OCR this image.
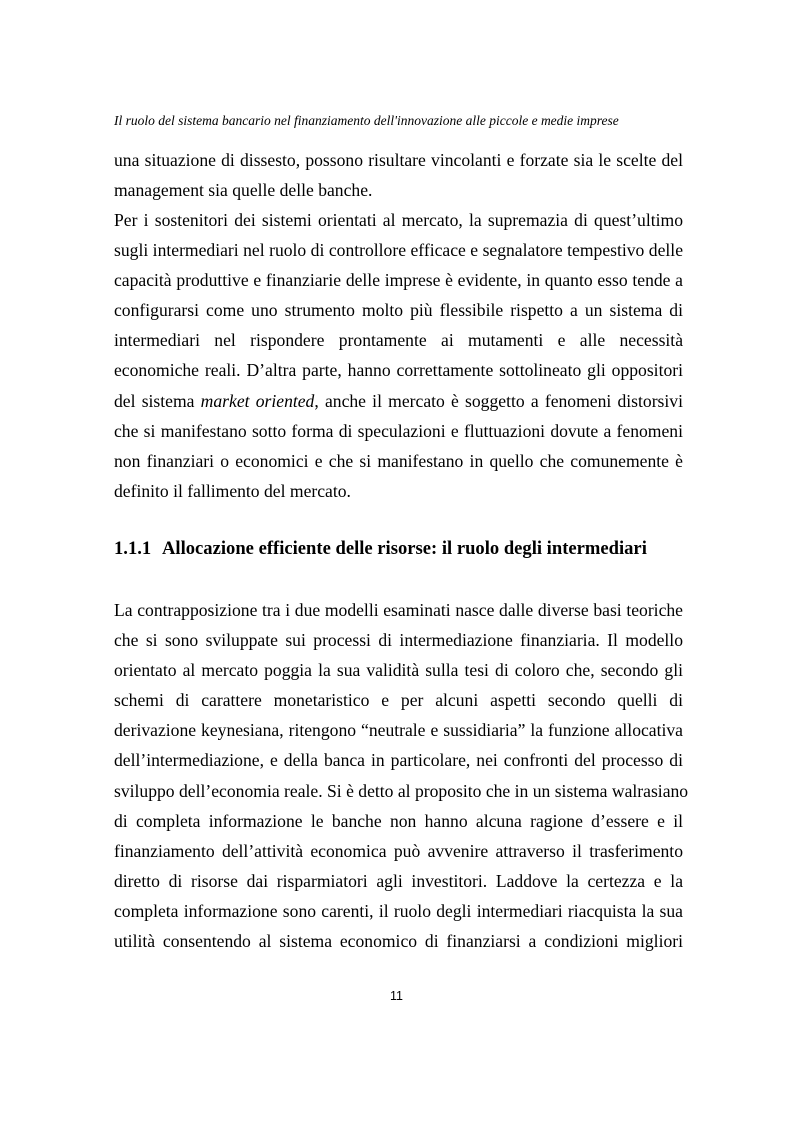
Il ruolo del sistema bancario nel finanziamento dell'innovazione alle piccole e medie imprese
una situazione di dissesto, possono risultare vincolanti e forzate sia le scelte del
management sia quelle delle banche.
Per i sostenitori dei sistemi orientati al mercato, la supremazia di quest’ultimo
sugli intermediari nel ruolo di controllore efficace e segnalatore tempestivo delle
capacità produttive e finanziarie delle imprese è evidente, in quanto esso tende a
configurarsi come uno strumento molto più flessibile rispetto a un sistema di
intermediari nel rispondere prontamente ai mutamenti e alle necessità
economiche reali. D’altra parte, hanno correttamente sottolineato gli oppositori
del sistema market oriented, anche il mercato è soggetto a fenomeni distorsivi
che si manifestano sotto forma di speculazioni e fluttuazioni dovute a fenomeni
non finanziari o economici e che si manifestano in quello che comunemente è
definito il fallimento del mercato.
1.1.1 Allocazione efficiente delle risorse: il ruolo degli intermediari
La contrapposizione tra i due modelli esaminati nasce dalle diverse basi teoriche
che si sono sviluppate sui processi di intermediazione finanziaria. Il modello
orientato al mercato poggia la sua validità sulla tesi di coloro che, secondo gli
schemi di carattere monetaristico e per alcuni aspetti secondo quelli di
derivazione keynesiana, ritengono “neutrale e sussidiaria” la funzione allocativa
dell’intermediazione, e della banca in particolare, nei confronti del processo di
sviluppo dell’economia reale. Si è detto al proposito che in un sistema walrasiano
di completa informazione le banche non hanno alcuna ragione d’essere e il
finanziamento dell’attività economica può avvenire attraverso il trasferimento
diretto di risorse dai risparmiatori agli investitori. Laddove la certezza e la
completa informazione sono carenti, il ruolo degli intermediari riacquista la sua
utilità consentendo al sistema economico di finanziarsi a condizioni migliori
11
